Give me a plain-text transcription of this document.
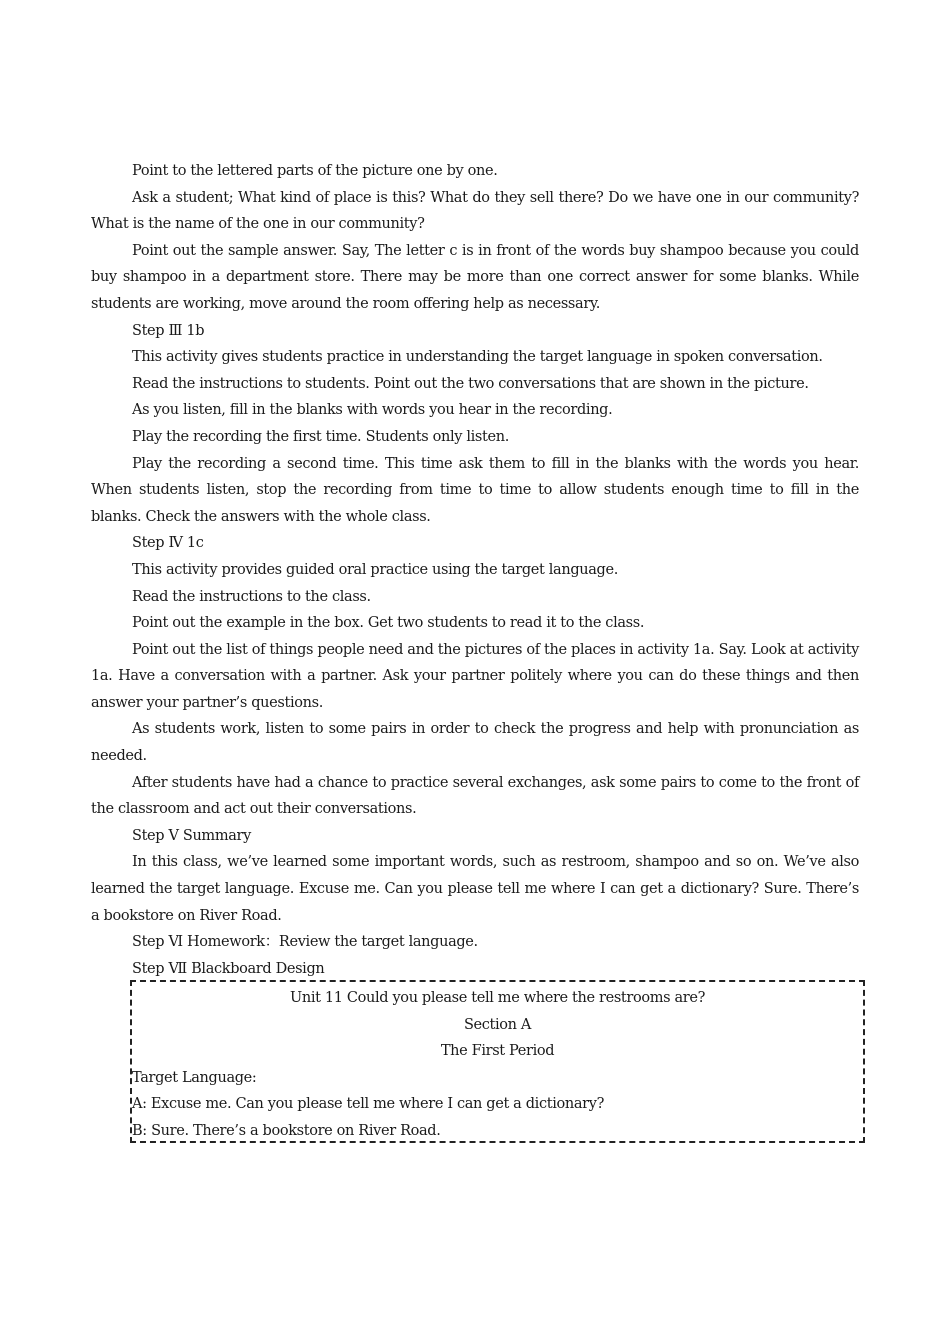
Point to the lettered parts of the picture one by one.

Ask a student; What kind of place is this? What do they sell there? Do we have one in our community? What is the name of the one in our community?

Point out the sample answer. Say, The letter c is in front of the words buy shampoo because you could buy shampoo in a department store. There may be more than one correct answer for some blanks. While students are working, move around the room offering help as necessary.

Step Ⅲ 1b

This activity gives students practice in understanding the target language in spoken conversation.

Read the instructions to students. Point out the two conversations that are shown in the picture.

As you listen, fill in the blanks with words you hear in the recording.

Play the recording the first time. Students only listen.

Play the recording a second time. This time ask them to fill in the blanks with the words you hear. When students listen, stop the recording from time to time to allow students enough time to fill in the blanks. Check the answers with the whole class.

Step Ⅳ 1c

This activity provides guided oral practice using the target language.

Read the instructions to the class.

Point out the example in the box. Get two students to read it to the class.

Point out the list of things people need and the pictures of the places in activity 1a. Say. Look at activity 1a. Have a conversation with a partner. Ask your partner politely where you can do these things and then answer your partner’s questions.

As students work, listen to some pairs in order to check the progress and help with pronunciation as needed.

After students have had a chance to practice several exchanges, ask some pairs to come to the front of the classroom and act out their conversations.

Step Ⅴ Summary

In this class, we’ve learned some important words, such as restroom, shampoo and so on. We’ve also learned the target language. Excuse me. Can you please tell me where I can get a dictionary? Sure. There’s a bookstore on River Road.

Step Ⅵ Homework：Review the target language.

Step Ⅶ Blackboard Design

Unit 11 Could you please tell me where the restrooms are?

Section A

The First Period

Target Language:

A: Excuse me. Can you please tell me where I can get a dictionary?

B: Sure. There’s a bookstore on River Road.
